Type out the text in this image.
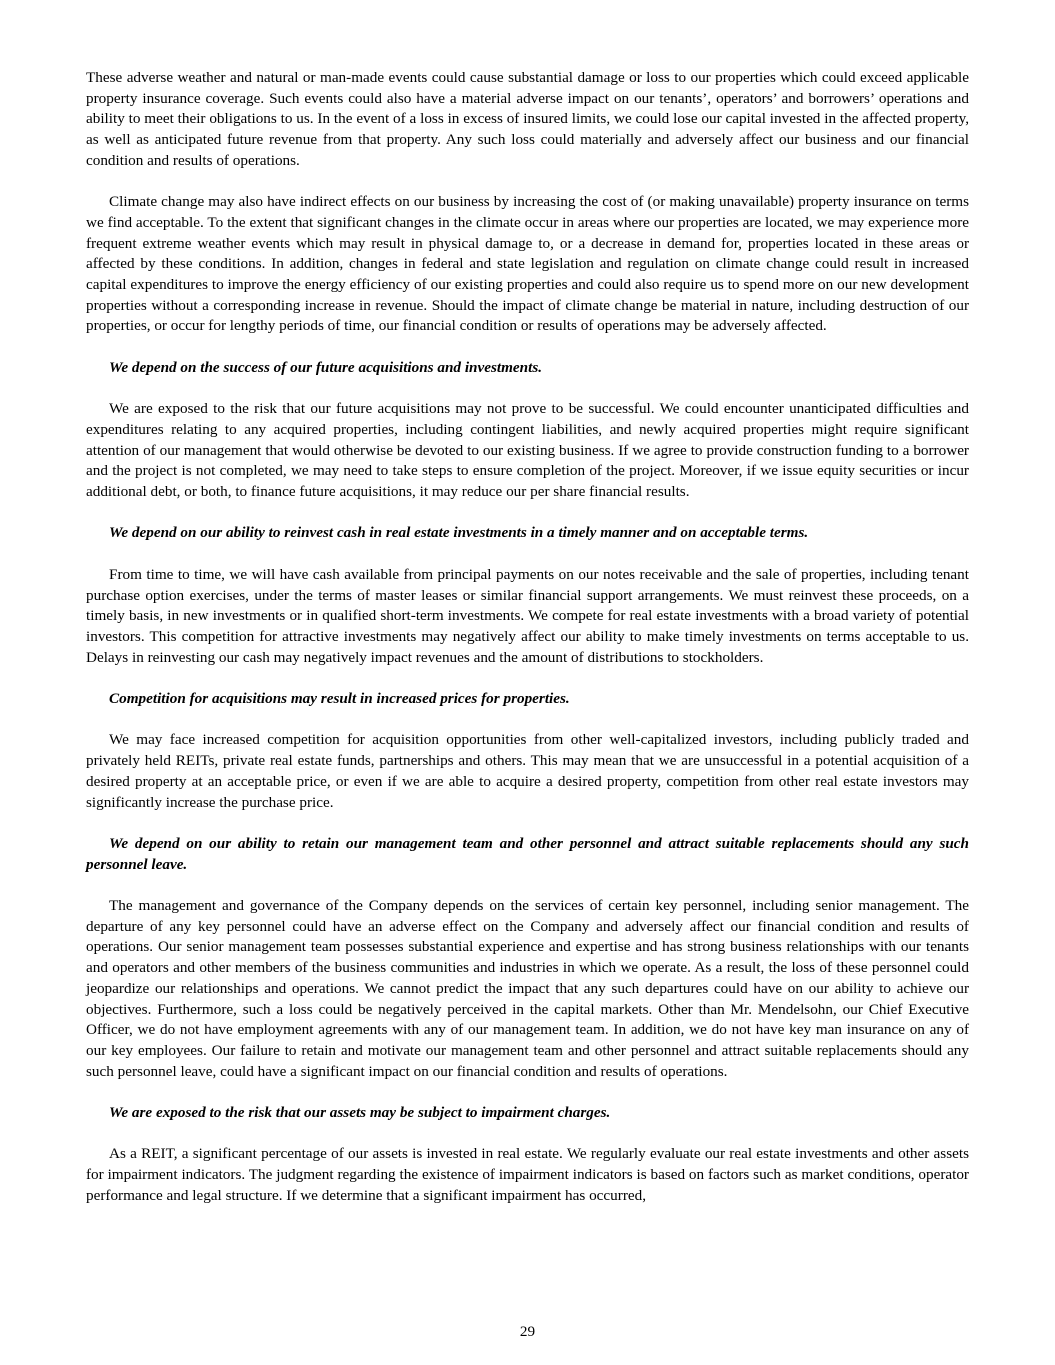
These adverse weather and natural or man-made events could cause substantial damage or loss to our properties which could exceed applicable property insurance coverage. Such events could also have a material adverse impact on our tenants’, operators’ and borrowers’ operations and ability to meet their obligations to us. In the event of a loss in excess of insured limits, we could lose our capital invested in the affected property, as well as anticipated future revenue from that property. Any such loss could materially and adversely affect our business and our financial condition and results of operations.

Climate change may also have indirect effects on our business by increasing the cost of (or making unavailable) property insurance on terms we find acceptable. To the extent that significant changes in the climate occur in areas where our properties are located, we may experience more frequent extreme weather events which may result in physical damage to, or a decrease in demand for, properties located in these areas or affected by these conditions. In addition, changes in federal and state legislation and regulation on climate change could result in increased capital expenditures to improve the energy efficiency of our existing properties and could also require us to spend more on our new development properties without a corresponding increase in revenue. Should the impact of climate change be material in nature, including destruction of our properties, or occur for lengthy periods of time, our financial condition or results of operations may be adversely affected.

We depend on the success of our future acquisitions and investments.

We are exposed to the risk that our future acquisitions may not prove to be successful. We could encounter unanticipated difficulties and expenditures relating to any acquired properties, including contingent liabilities, and newly acquired properties might require significant attention of our management that would otherwise be devoted to our existing business. If we agree to provide construction funding to a borrower and the project is not completed, we may need to take steps to ensure completion of the project. Moreover, if we issue equity securities or incur additional debt, or both, to finance future acquisitions, it may reduce our per share financial results.

We depend on our ability to reinvest cash in real estate investments in a timely manner and on acceptable terms.

From time to time, we will have cash available from principal payments on our notes receivable and the sale of properties, including tenant purchase option exercises, under the terms of master leases or similar financial support arrangements. We must reinvest these proceeds, on a timely basis, in new investments or in qualified short-term investments. We compete for real estate investments with a broad variety of potential investors. This competition for attractive investments may negatively affect our ability to make timely investments on terms acceptable to us. Delays in reinvesting our cash may negatively impact revenues and the amount of distributions to stockholders.

Competition for acquisitions may result in increased prices for properties.

We may face increased competition for acquisition opportunities from other well-capitalized investors, including publicly traded and privately held REITs, private real estate funds, partnerships and others. This may mean that we are unsuccessful in a potential acquisition of a desired property at an acceptable price, or even if we are able to acquire a desired property, competition from other real estate investors may significantly increase the purchase price.

We depend on our ability to retain our management team and other personnel and attract suitable replacements should any such personnel leave.

The management and governance of the Company depends on the services of certain key personnel, including senior management. The departure of any key personnel could have an adverse effect on the Company and adversely affect our financial condition and results of operations. Our senior management team possesses substantial experience and expertise and has strong business relationships with our tenants and operators and other members of the business communities and industries in which we operate. As a result, the loss of these personnel could jeopardize our relationships and operations. We cannot predict the impact that any such departures could have on our ability to achieve our objectives. Furthermore, such a loss could be negatively perceived in the capital markets. Other than Mr. Mendelsohn, our Chief Executive Officer, we do not have employment agreements with any of our management team. In addition, we do not have key man insurance on any of our key employees. Our failure to retain and motivate our management team and other personnel and attract suitable replacements should any such personnel leave, could have a significant impact on our financial condition and results of operations.

We are exposed to the risk that our assets may be subject to impairment charges.

As a REIT, a significant percentage of our assets is invested in real estate. We regularly evaluate our real estate investments and other assets for impairment indicators. The judgment regarding the existence of impairment indicators is based on factors such as market conditions, operator performance and legal structure. If we determine that a significant impairment has occurred,

29
